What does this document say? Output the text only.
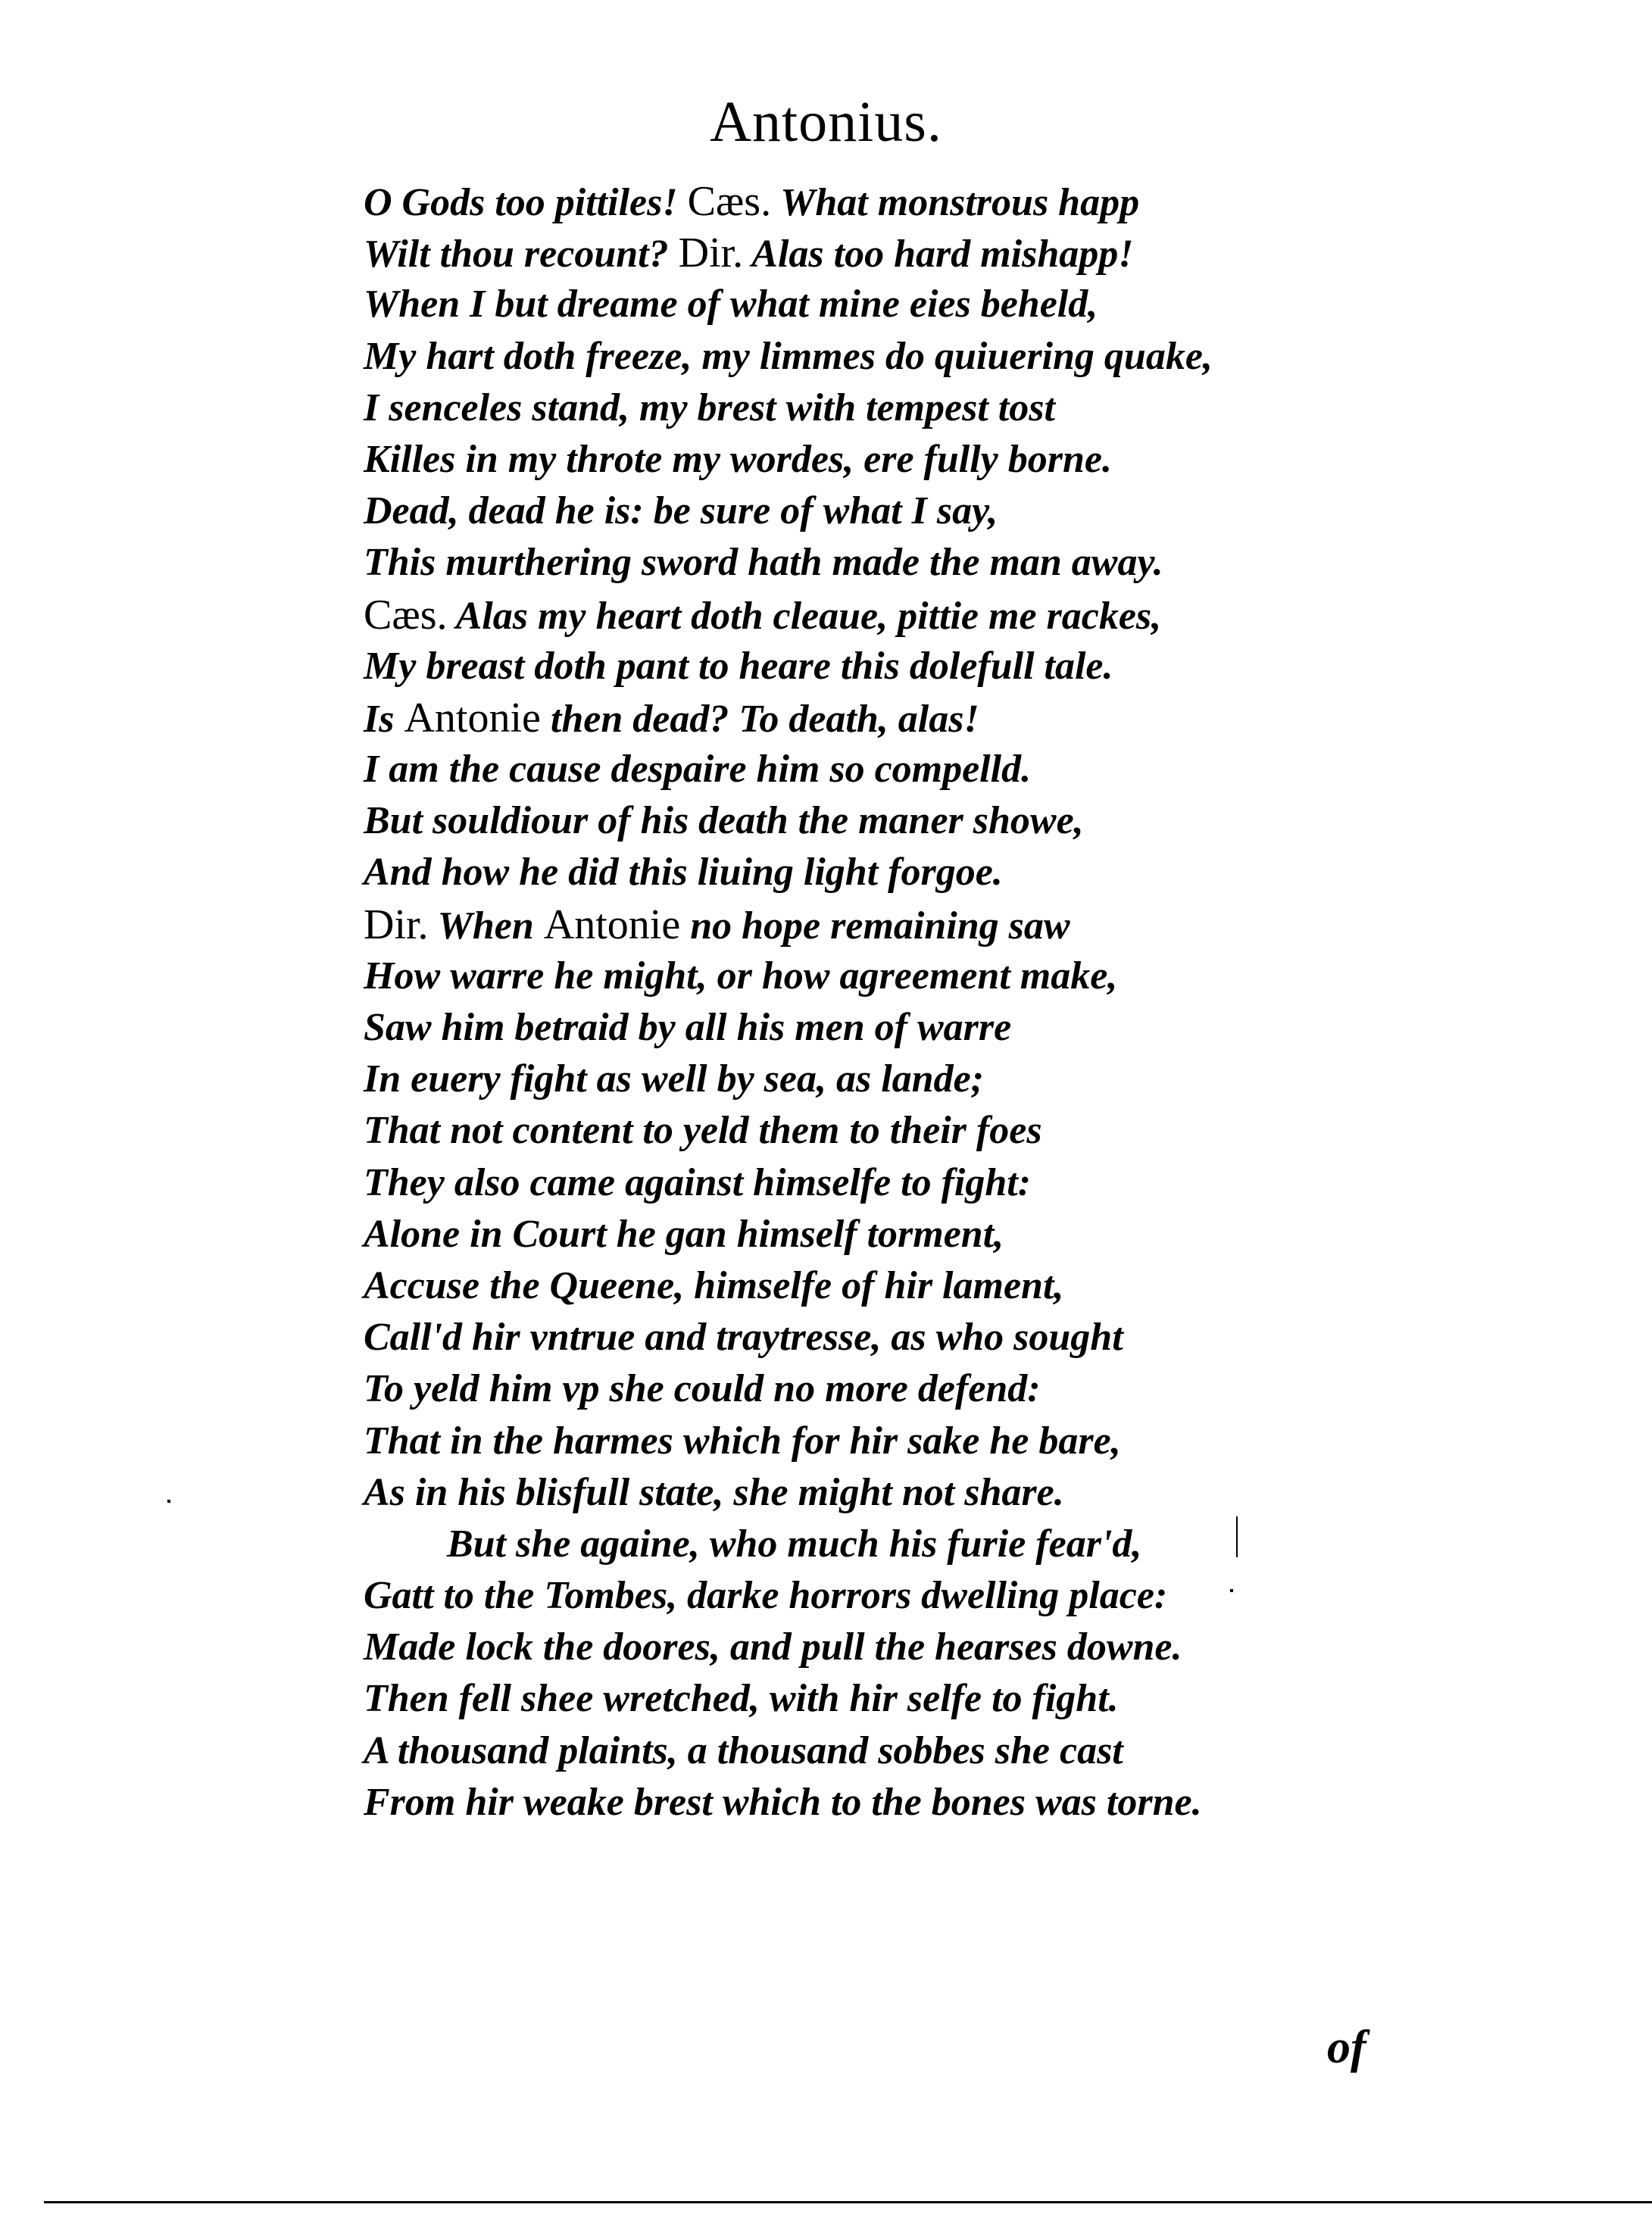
Antonius.
O Gods too pittiles! Cæs. What monstrous happ
Wilt thou recount? Dir. Alas too hard mishapp!
When I but dreame of what mine eies beheld,
My hart doth freeze, my limmes do quiuering quake,
I senceles stand, my brest with tempest tost
Killes in my throte my wordes, ere fully borne.
Dead, dead he is: be sure of what I say,
This murthering sword hath made the man away.
Cæs. Alas my heart doth cleaue, pittie me rackes,
My breast doth pant to heare this dolefull tale.
Is Antonie then dead? To death, alas!
I am the cause despaire him so compelld.
But souldiour of his death the maner showe,
And how he did this liuing light forgoe.
Dir. When Antonie no hope remaining saw
How warre he might, or how agreement make,
Saw him betraid by all his men of warre
In euery fight as well by sea, as lande;
That not content to yeld them to their foes
They also came against himselfe to fight:
Alone in Court he gan himself torment,
Accuse the Queene, himselfe of hir lament,
Call'd hir vntrue and traytresse, as who sought
To yeld him vp she could no more defend:
That in the harmes which for hir sake he bare,
As in his blisfull state, she might not share.
But she againe, who much his furie fear'd,
Gatt to the Tombes, darke horrors dwelling place:
Made lock the doores, and pull the hearses downe.
Then fell shee wretched, with hir selfe to fight.
A thousand plaints, a thousand sobbes she cast
From hir weake brest which to the bones was torne.
of
